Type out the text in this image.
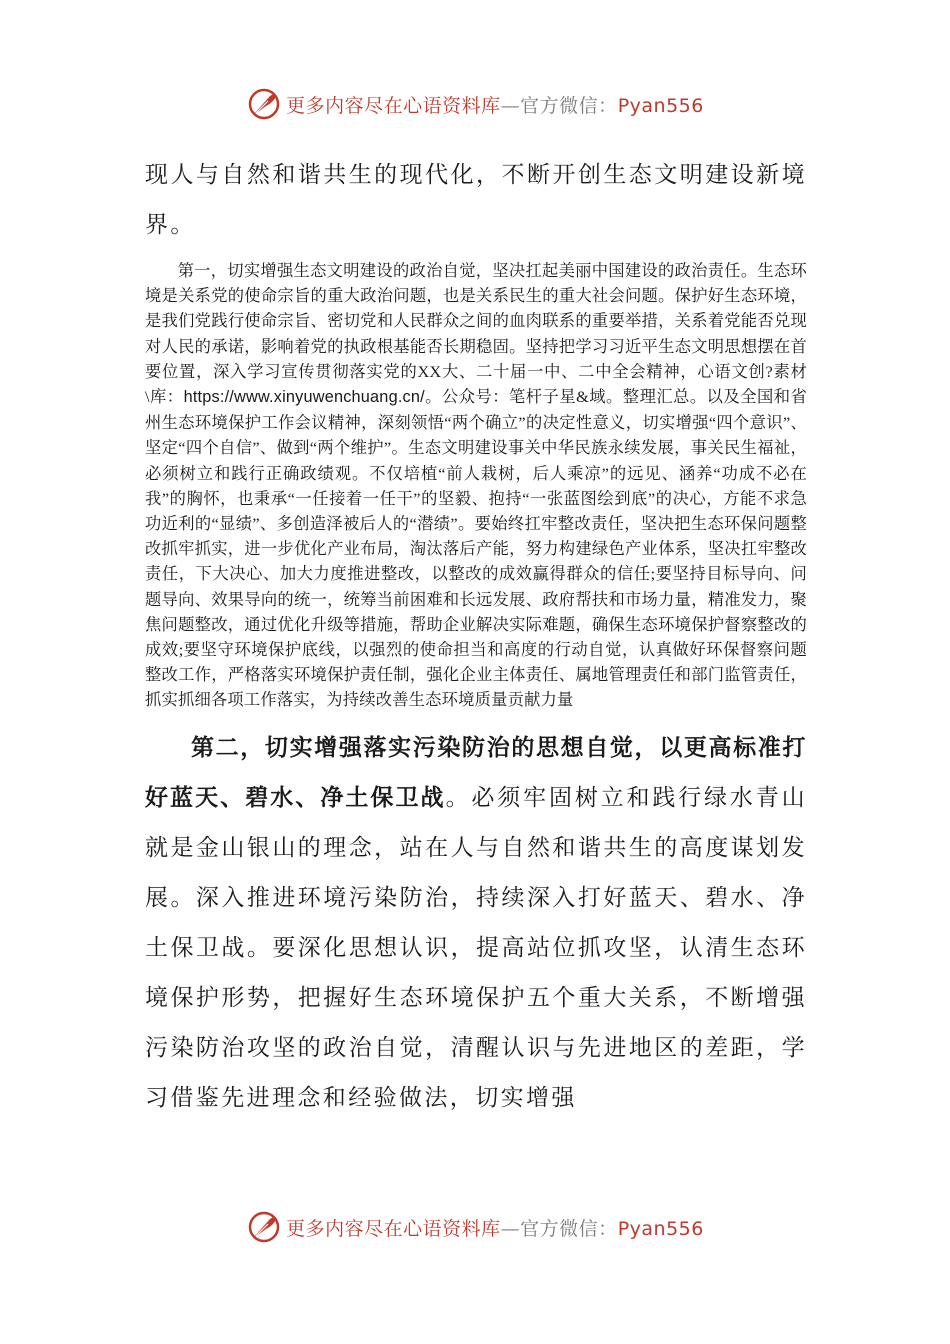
更多内容尽在心语资料库—官方微信：Pyan556

现人与自然和谐共生的现代化，不断开创生态文明建设新境界。

第一，切实增强生态文明建设的政治自觉，坚决扛起美丽中国建设的政治责任。生态环境是关系党的使命宗旨的重大政治问题，也是关系民生的重大社会问题。保护好生态环境，是我们党践行使命宗旨、密切党和人民群众之间的血肉联系的重要举措，关系着党能否兑现对人民的承诺，影响着党的执政根基能否长期稳固。坚持把学习习近平生态文明思想摆在首要位置，深入学习宣传贯彻落实党的XX大、二十届一中、二中全会精神，心语文创?素材\库：https://www.xinyuwenchuang.cn/。公众号：笔杆子星&域。整理汇总。以及全国和省州生态环境保护工作会议精神，深刻领悟“两个确立”的决定性意义，切实增强“四个意识”、坚定“四个自信”、做到“两个维护”。生态文明建设事关中华民族永续发展，事关民生福祉，必须树立和践行正确政绩观。不仅培植“前人栽树，后人乘凉”的远见、涵养“功成不必在我”的胸怀，也秉承“一任接着一任干”的坚毅、抱持“一张蓝图绘到底”的决心，方能不求急功近利的“显绩”、多创造泽被后人的“潜绩”。要始终扛牢整改责任，坚决把生态环保问题整改抓牢抓实，进一步优化产业布局，淘汰落后产能，努力构建绿色产业体系，坚决扛牢整改责任，下大决心、加大力度推进整改，以整改的成效赢得群众的信任;要坚持目标导向、问题导向、效果导向的统一，统筹当前困难和长远发展、政府帮扶和市场力量，精准发力，聚焦问题整改，通过优化升级等措施，帮助企业解决实际难题，确保生态环境保护督察整改的成效;要坚守环境保护底线，以强烈的使命担当和高度的行动自觉，认真做好环保督察问题整改工作，严格落实环境保护责任制，强化企业主体责任、属地管理责任和部门监管责任，抓实抓细各项工作落实，为持续改善生态环境质量贡献力量

第二，切实增强落实污染防治的思想自觉，以更高标准打好蓝天、碧水、净土保卫战。必须牢固树立和践行绿水青山就是金山银山的理念，站在人与自然和谐共生的高度谋划发展。深入推进环境污染防治，持续深入打好蓝天、碧水、净土保卫战。要深化思想认识，提高站位抓攻坚，认清生态环境保护形势，把握好生态环境保护五个重大关系，不断增强污染防治攻坚的政治自觉，清醒认识与先进地区的差距，学习借鉴先进理念和经验做法，切实增强

更多内容尽在心语资料库—官方微信：Pyan556
